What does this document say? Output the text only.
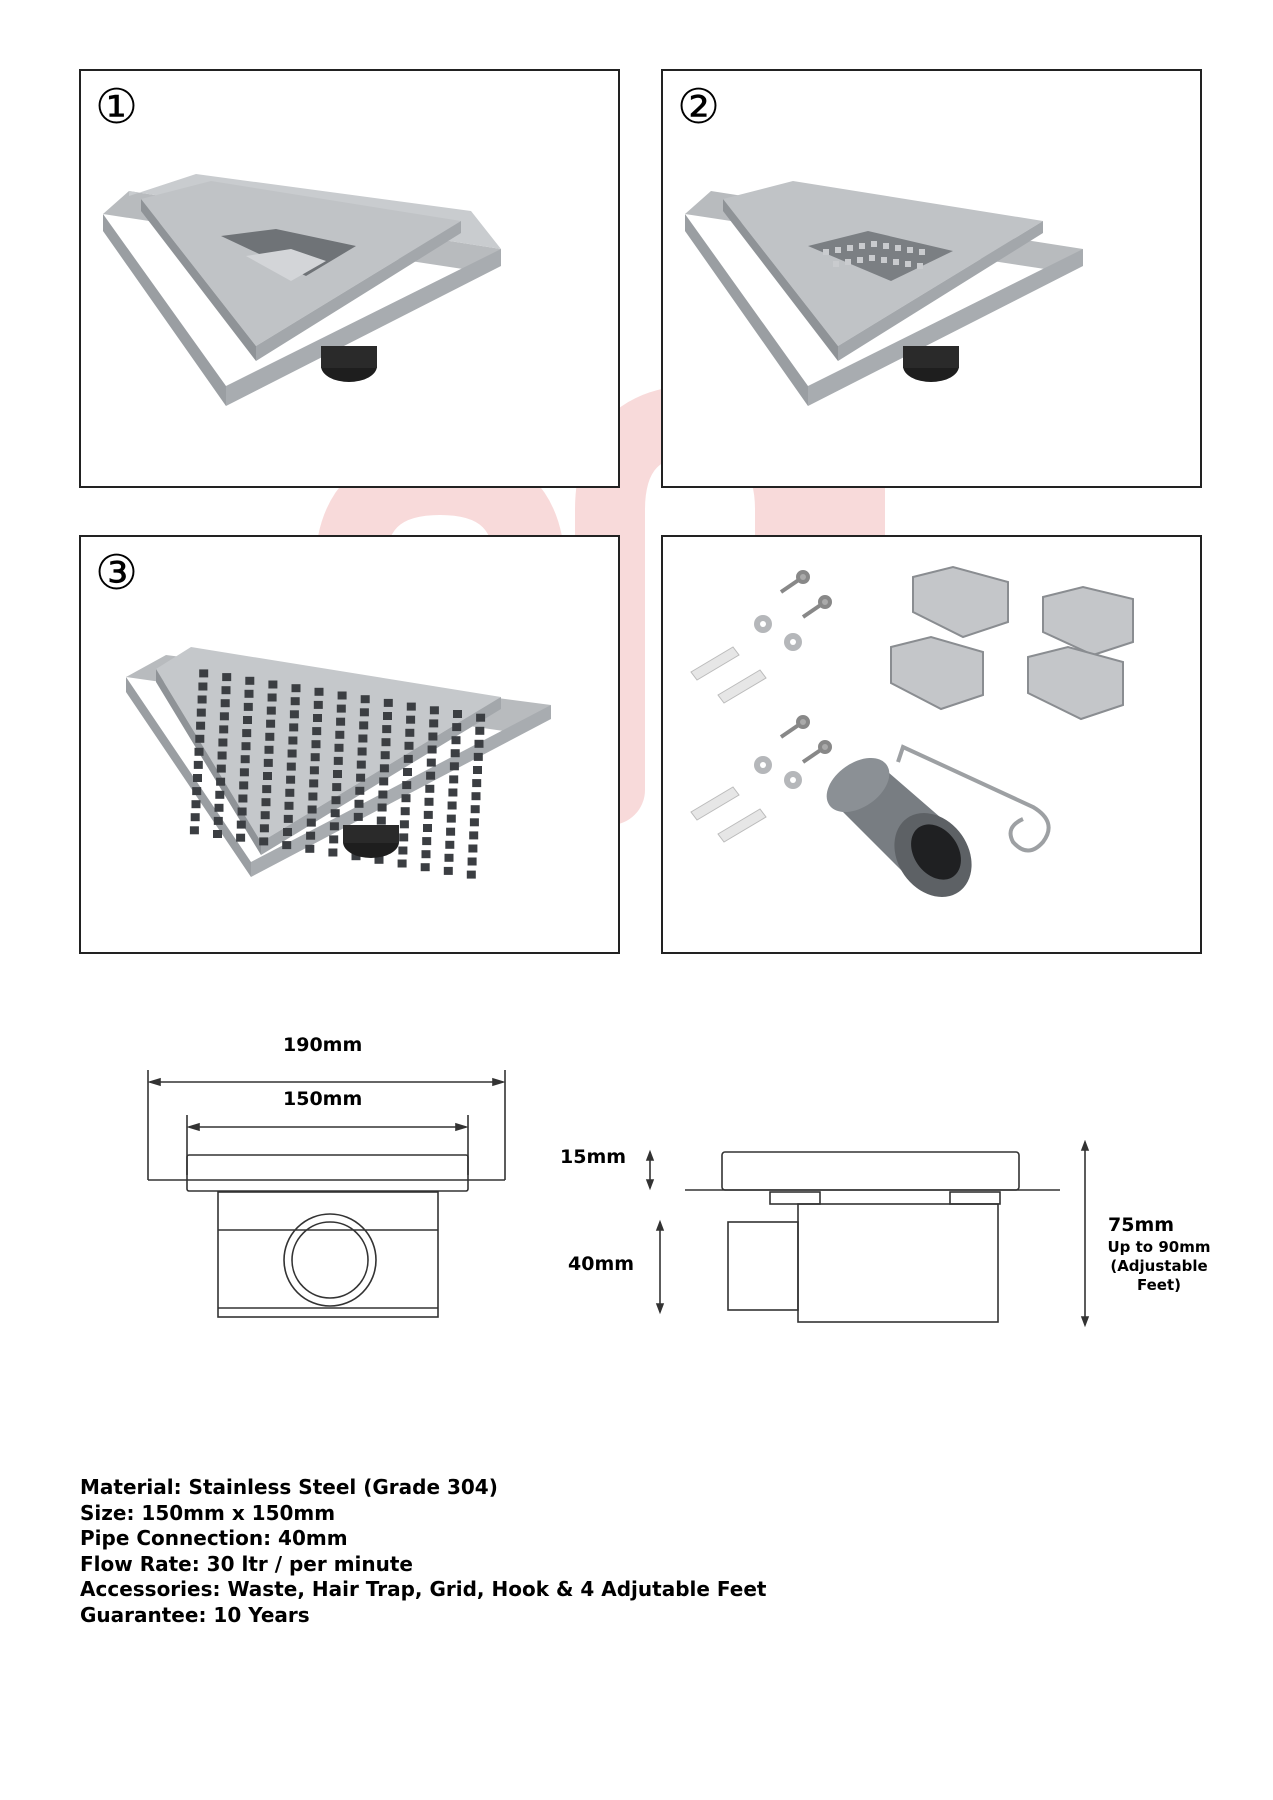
①	②
③
190mm
150mm
15mm
40mm
75mm
Up to 90mm
(Adjustable
Feet)
Material: Stainless Steel (Grade 304)
Size: 150mm x 150mm
Pipe Connection: 40mm
Flow Rate: 30 ltr / per minute
Accessories: Waste, Hair Trap, Grid, Hook & 4 Adjutable Feet
Guarantee: 10 Years
